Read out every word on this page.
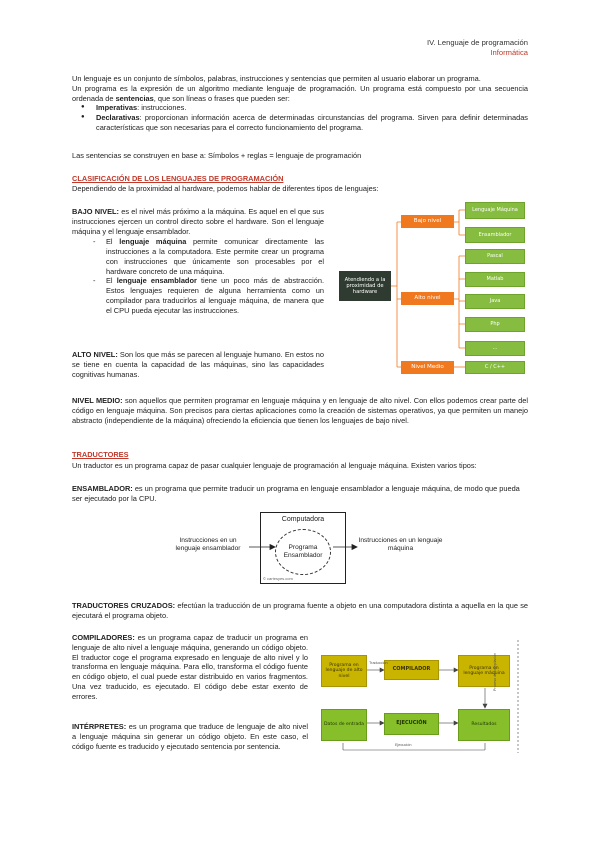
IV. Lenguaje de programación
Informática

Un lenguaje es un conjunto de símbolos, palabras, instrucciones y sentencias que permiten al usuario elaborar un programa.

Un programa es la expresión de un algoritmo mediante lenguaje de programación. Un programa está compuesto por una secuencia ordenada de sentencias, que son líneas o frases que pueden ser:

● Imperativas: instrucciones.
● Declarativas: proporcionan información acerca de determinadas circunstancias del programa. Sirven para definir determinadas características que son necesarias para el correcto funcionamiento del programa.

Las sentencias se construyen en base a: Símbolos + reglas = lenguaje de programación

CLASIFICACIÓN DE LOS LENGUAJES DE PROGRAMACIÓN

Dependiendo de la proximidad al hardware, podemos hablar de diferentes tipos de lenguajes:

BAJO NIVEL: es el nivel más próximo a la máquina. Es aquel en el que sus instrucciones ejercen un control directo sobre el hardware. Son el lenguaje máquina y el lenguaje ensamblador.

- El lenguaje máquina permite comunicar directamente las instrucciones a la computadora. Este permite crear un programa con instrucciones que únicamente son procesables por el hardware concreto de una máquina.
- El lenguaje ensamblador tiene un poco más de abstracción. Estos lenguajes requieren de alguna herramienta como un compilador para traducirlos al lenguaje máquina, de manera que el CPU pueda ejecutar las instrucciones.

ALTO NIVEL: Son los que más se parecen al lenguaje humano. En estos no se tiene en cuenta la capacidad de las máquinas, sino las capacidades cognitivas humanas.

NIVEL MEDIO: son aquellos que permiten programar en lenguaje máquina y en lenguaje de alto nivel. Con ellos podemos crear parte del código en lenguaje máquina. Son precisos para ciertas aplicaciones como la creación de sistemas operativos, ya que permiten un manejo abstracto (independiente de la máquina) ofreciendo la eficiencia que tienen los lenguajes de bajo nivel.

Atendiendo a la proximidad de hardware
Bajo nivel
Alto nivel
Nivel Medio
Lenguaje Máquina
Ensamblador
Pascal
Matlab
Java
Php
...
C / C++
TRADUCTORES

Un traductor es un programa capaz de pasar cualquier lenguaje de programación al lenguaje máquina. Existen varios tipos:

ENSAMBLADOR: es un programa que permite traducir un programa en lenguaje ensamblador a lenguaje máquina, de modo que pueda ser ejecutado por la CPU.

Computadora
Programa Ensamblador
Instrucciones en un lenguaje ensamblador
Instrucciones en un lenguaje máquina
© cartesyes.com

TRADUCTORES CRUZADOS: efectúan la traducción de un programa fuente a objeto en una computadora distinta a aquella en la que se ejecutará el programa objeto.

COMPILADORES: es un programa capaz de traducir un programa en lenguaje de alto nivel a lenguaje máquina, generando un código objeto. El traductor coge el programa expresado en lenguaje de alto nivel y lo transforma en lenguaje máquina. Para ello, transforma el código fuente en código objeto, el cual puede estar distribuido en varios fragmentos. Una vez traducido, es ejecutado. El código debe estar exento de errores.

INTÉRPRETES: es un programa que traduce de lenguaje de alto nivel a lenguaje máquina sin generar un código objeto. En este caso, el código fuente es traducido y ejecutado sentencia por sentencia.

Programa en lenguaje de alto nivel
COMPILADOR	Programa en lenguaje máquina
Datos de entrada	EJECUCIÓN	Resultados
Traducción
Ejecución
Proceso de compilación
